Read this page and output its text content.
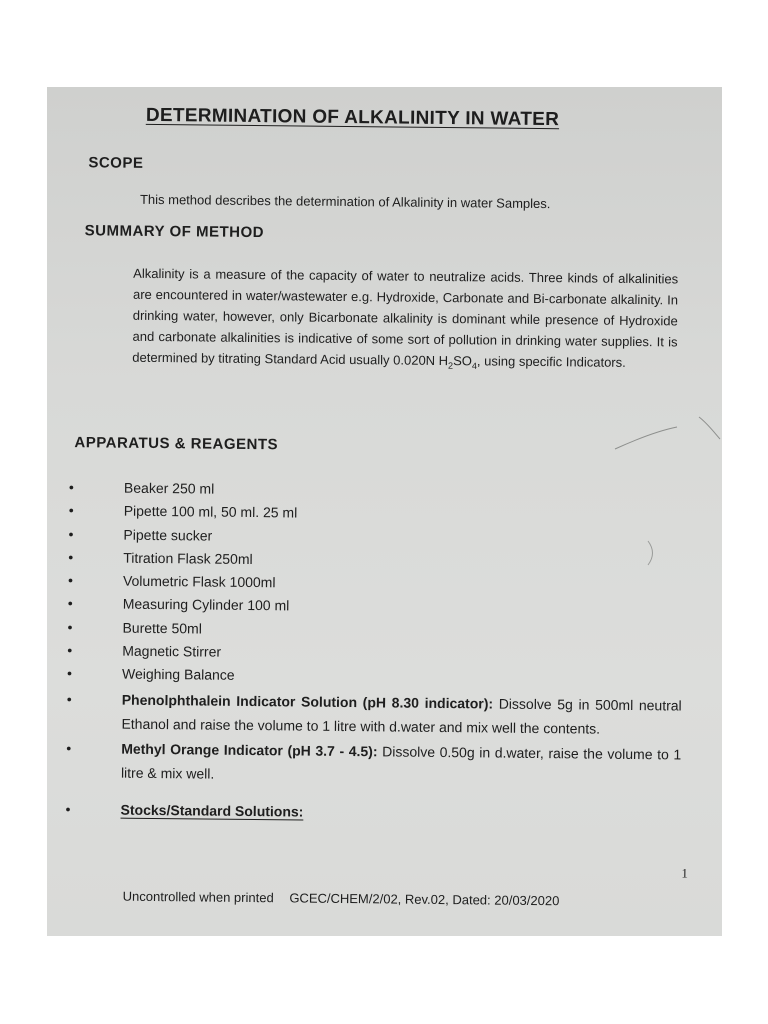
DETERMINATION OF ALKALINITY IN WATER
SCOPE

This method describes the determination of Alkalinity in water Samples.

SUMMARY OF METHOD

Alkalinity is a measure of the capacity of water to neutralize acids. Three kinds of alkalinities are encountered in water/wastewater e.g. Hydroxide, Carbonate and Bi-carbonate alkalinity. In drinking water, however, only Bicarbonate alkalinity is dominant while presence of Hydroxide and carbonate alkalinities is indicative of some sort of pollution in drinking water supplies. It is determined by titrating Standard Acid usually 0.020N $H_2SO_4$, using specific Indicators.

APPARATUS & REAGENTS
•	Beaker 250 ml
•	Pipette 100 ml, 50 ml. 25 ml
•	Pipette sucker
•	Titration Flask 250ml
•	Volumetric Flask 1000ml
•	Measuring Cylinder 100 ml
•	Burette 50ml
•	Magnetic Stirrer
•	Weighing Balance
•	Phenolphthalein Indicator Solution (pH 8.30 indicator): Dissolve 5g in 500ml neutral Ethanol and raise the volume to 1 litre with d.water and mix well the contents.
•	Methyl Orange Indicator (pH 3.7 - 4.5): Dissolve 0.50g in d.water, raise the volume to 1 litre & mix well.
•	Stocks/Standard Solutions:
1
Uncontrolled when printed GCEC/CHEM/2/02, Rev.02, Dated: 20/03/2020
